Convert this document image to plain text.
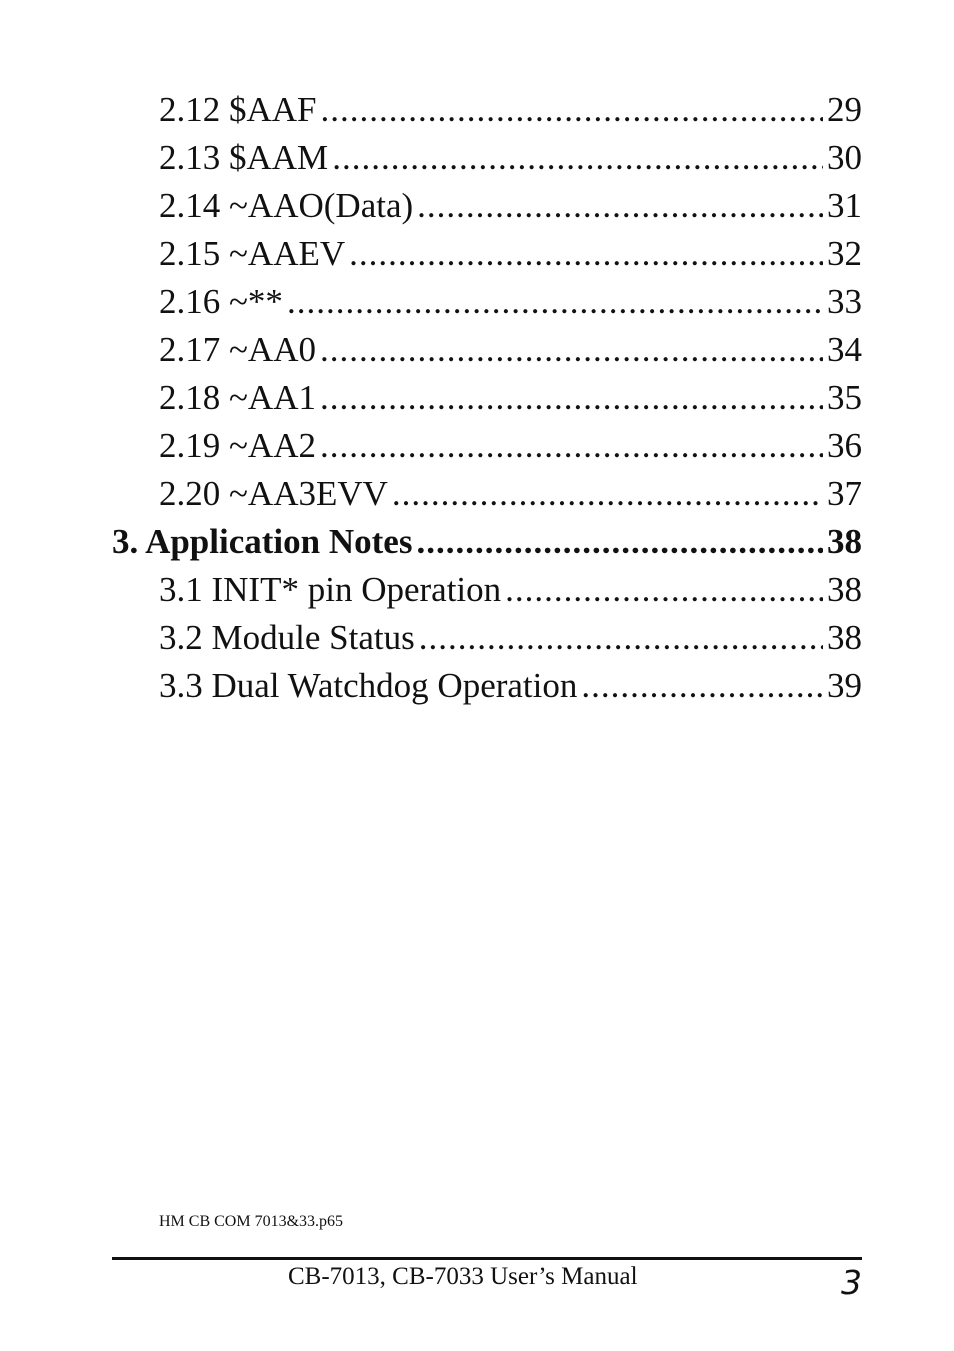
2.12 $AAF .....	29
2.13 $AAM .....	30
2.14 ~AAO(Data) .....	31
2.15 ~AAEV .....	32
2.16 ~** .....	33
2.17 ~AA0 .....	34
2.18 ~AA1 .....	35
2.19 ~AA2 .....	36
2.20 ~AA3EVV .....	37
3. Application Notes .....	38
3.1 INIT* pin Operation .....	38
3.2 Module Status .....	38
3.3 Dual Watchdog Operation .....	39
HM CB COM 7013&33.p65
CB-7013, CB-7033 User’s Manual	3
